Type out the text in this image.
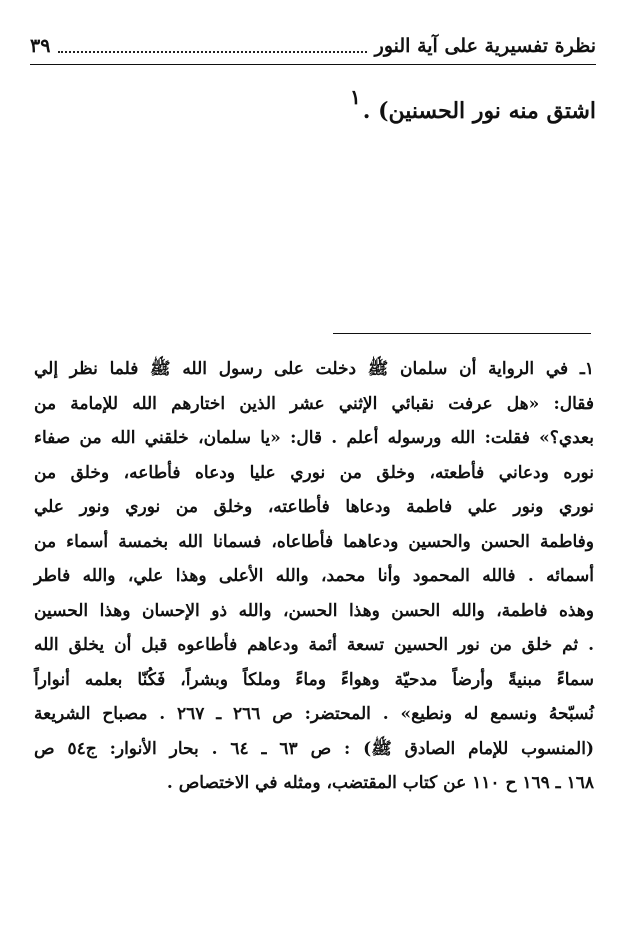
نظرة تفسيرية على آية النور
٣٩
اشتق منه نور الحسنين) .١
١ـ في الرواية أن سلمان ﷺ دخلت على رسول الله ﷺ فلما نظر إلي
فقال: «هل عرفت نقبائي الإثني عشر الذين اختارهم الله للإمامة من
بعدي؟» فقلت: الله ورسوله أعلم . قال: «يا سلمان، خلقني الله من صفاء
نوره ودعاني فأطعته، وخلق من نوري عليا ودعاه فأطاعه، وخلق من
نوري ونور علي فاطمة ودعاها فأطاعته، وخلق من نوري ونور علي
وفاطمة الحسن والحسين ودعاهما فأطاعاه، فسمانا الله بخمسة أسماء من
أسمائه . فالله المحمود وأنا محمد، والله الأعلى وهذا علي، والله فاطر
وهذه فاطمة، والله الحسن وهذا الحسن، والله ذو الإحسان وهذا الحسين
. ثم خلق من نور الحسين تسعة أئمة ودعاهم فأطاعوه قبل أن يخلق الله
سماءً مبنيةً وأرضاً مدحيّة وهواءً وماءً وملكاً وبشراً، فَكُنّا بعلمه أنواراً
نُسبّحهُ ونسمع له ونطيع» . المحتضر: ص ٢٦٦ ـ ٢٦٧ . مصباح الشريعة
(المنسوب للإمام الصادق ﷺ) : ص ٦٣ ـ ٦٤ . بحار الأنوار: ج٥٤ ص
١٦٨ ـ ١٦٩ ح ١١٠ عن كتاب المقتضب، ومثله في الاختصاص .
